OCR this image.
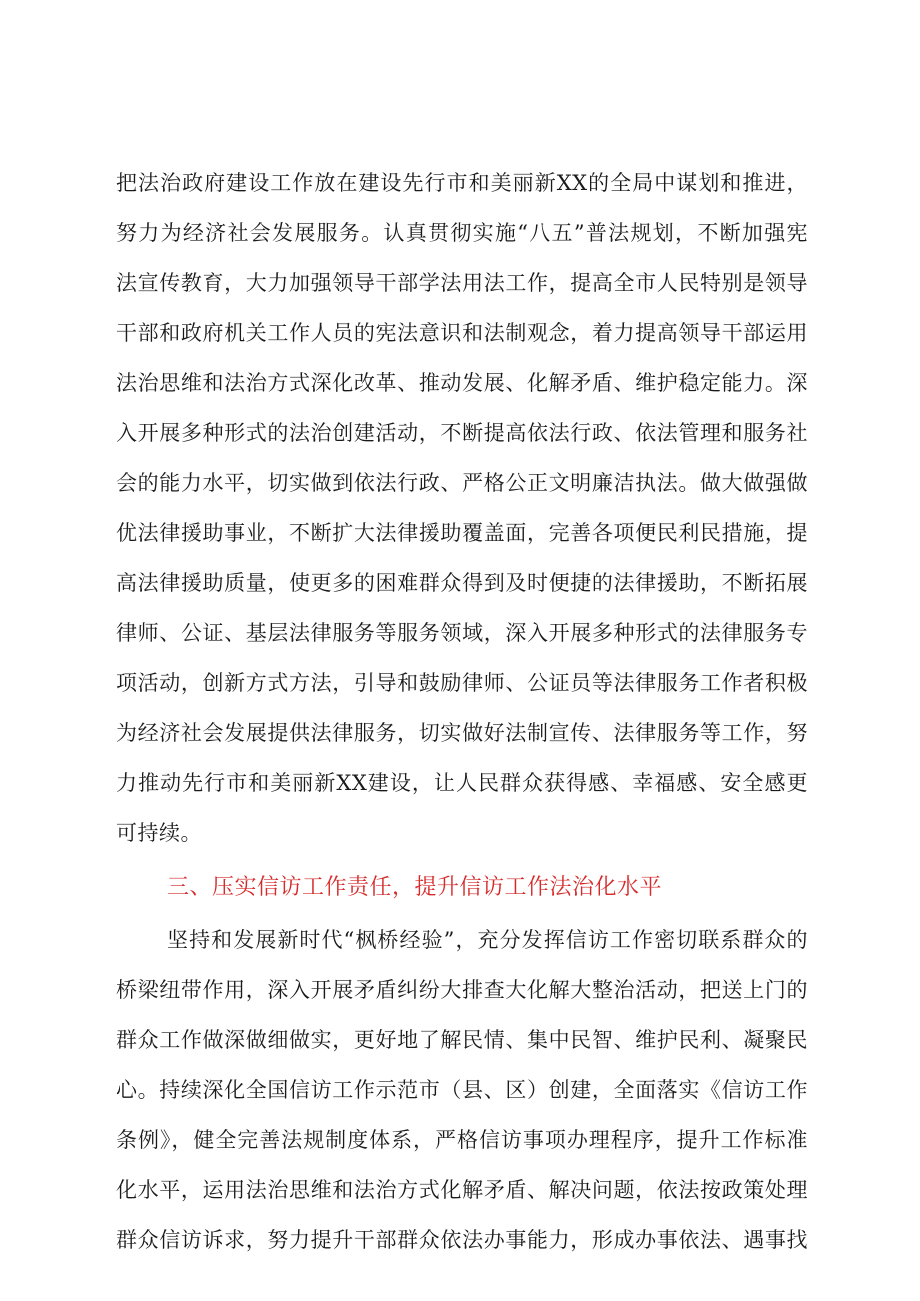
把法治政府建设工作放在建设先行市和美丽新XX的全局中谋划和推进，
努力为经济社会发展服务。认真贯彻实施“八五”普法规划，不断加强宪
法宣传教育，大力加强领导干部学法用法工作，提高全市人民特别是领导
干部和政府机关工作人员的宪法意识和法制观念，着力提高领导干部运用
法治思维和法治方式深化改革、推动发展、化解矛盾、维护稳定能力。深
入开展多种形式的法治创建活动，不断提高依法行政、依法管理和服务社
会的能力水平，切实做到依法行政、严格公正文明廉洁执法。做大做强做
优法律援助事业，不断扩大法律援助覆盖面，完善各项便民利民措施，提
高法律援助质量，使更多的困难群众得到及时便捷的法律援助，不断拓展
律师、公证、基层法律服务等服务领域，深入开展多种形式的法律服务专
项活动，创新方式方法，引导和鼓励律师、公证员等法律服务工作者积极
为经济社会发展提供法律服务，切实做好法制宣传、法律服务等工作，努
力推动先行市和美丽新XX建设，让人民群众获得感、幸福感、安全感更
可持续。
三、压实信访工作责任，提升信访工作法治化水平
坚持和发展新时代“枫桥经验”，充分发挥信访工作密切联系群众的
桥梁纽带作用，深入开展矛盾纠纷大排查大化解大整治活动，把送上门的
群众工作做深做细做实，更好地了解民情、集中民智、维护民利、凝聚民
心。持续深化全国信访工作示范市（县、区）创建，全面落实《信访工作
条例》，健全完善法规制度体系，严格信访事项办理程序，提升工作标准
化水平，运用法治思维和法治方式化解矛盾、解决问题，依法按政策处理
群众信访诉求，努力提升干部群众依法办事能力，形成办事依法、遇事找
